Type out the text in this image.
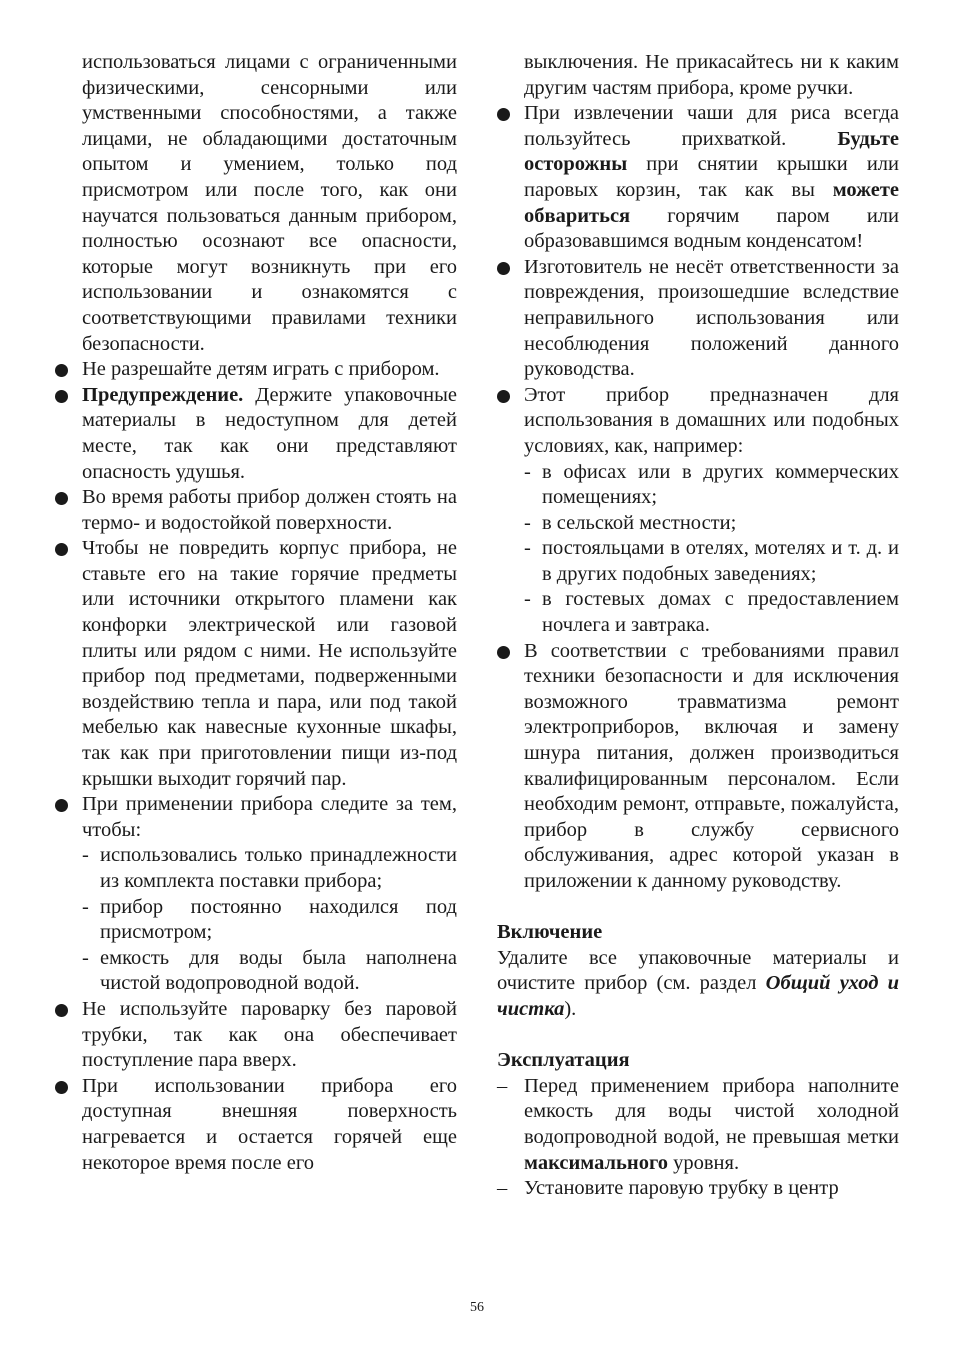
использоваться лицами с ограниченными физическими, сенсорными или умственными способностями, а также лицами, не обладающими достаточным опытом и умением, только под присмотром или после того, как они научатся пользоваться данным прибором, полностью осознают все опасности, которые могут возникнуть при его использовании и ознакомятся с соответствующими правилами техники безопасности.

Не разрешайте детям играть с прибором.
Предупреждение. Держите упаковочные материалы в недоступном для детей месте, так как они представляют опасность удушья.
Во время работы прибор должен стоять на термо- и водостойкой поверхности.
Чтобы не повредить корпус прибора, не ставьте его на такие горячие предметы или источники открытого пламени как конфорки электрической или газовой плиты или рядом с ними. Не используйте прибор под предметами, подверженными воздействию тепла и пара, или под такой мебелью как навесные кухонные шкафы, так как при приготовлении пищи из-под крышки выходит горячий пар.
При применении прибора следите за тем, чтобы:
- использовались только принадлежности из комплекта поставки прибора;
- прибор постоянно находился под присмотром;
- емкость для воды была наполнена чистой водопроводной водой.
Не используйте пароварку без паровой трубки, так как она обеспечивает поступление пара вверх.
При использовании прибора его доступная внешняя поверхность нагревается и остается горячей еще некоторое время после его

выключения. Не прикасайтесь ни к каким другим частям прибора, кроме ручки.

При извлечении чаши для риса всегда пользуйтесь прихваткой. Будьте осторожны при снятии крышки или паровых корзин, так как вы можете обвариться горячим паром или образовавшимся водным конденсатом!
Изготовитель не несёт ответственности за повреждения, произошедшие вследствие неправильного использования или несоблюдения положений данного руководства.
Этот прибор предназначен для использования в домашних или подобных условиях, как, например:
- в офисах или в других коммерческих помещениях;
- в сельской местности;
- постояльцами в отелях, мотелях и т. д. и в других подобных заведениях;
- в гостевых домах с предоставлением ночлега и завтрака.
В соответствии с требованиями правил техники безопасности и для исключения возможного травматизма ремонт электроприборов, включая и замену шнура питания, должен производиться квалифицированным персоналом. Если необходим ремонт, отправьте, пожалуйста, прибор в службу сервисного обслуживания, адрес которой указан в приложении к данному руководству.

Включение

Удалите все упаковочные материалы и очистите прибор (см. раздел Общий уход и чистка).

Эксплуатация

– Перед применением прибора наполните емкость для воды чистой холодной водопроводной водой, не превышая метки максимального уровня.
– Установите паровую трубку в центр
56
